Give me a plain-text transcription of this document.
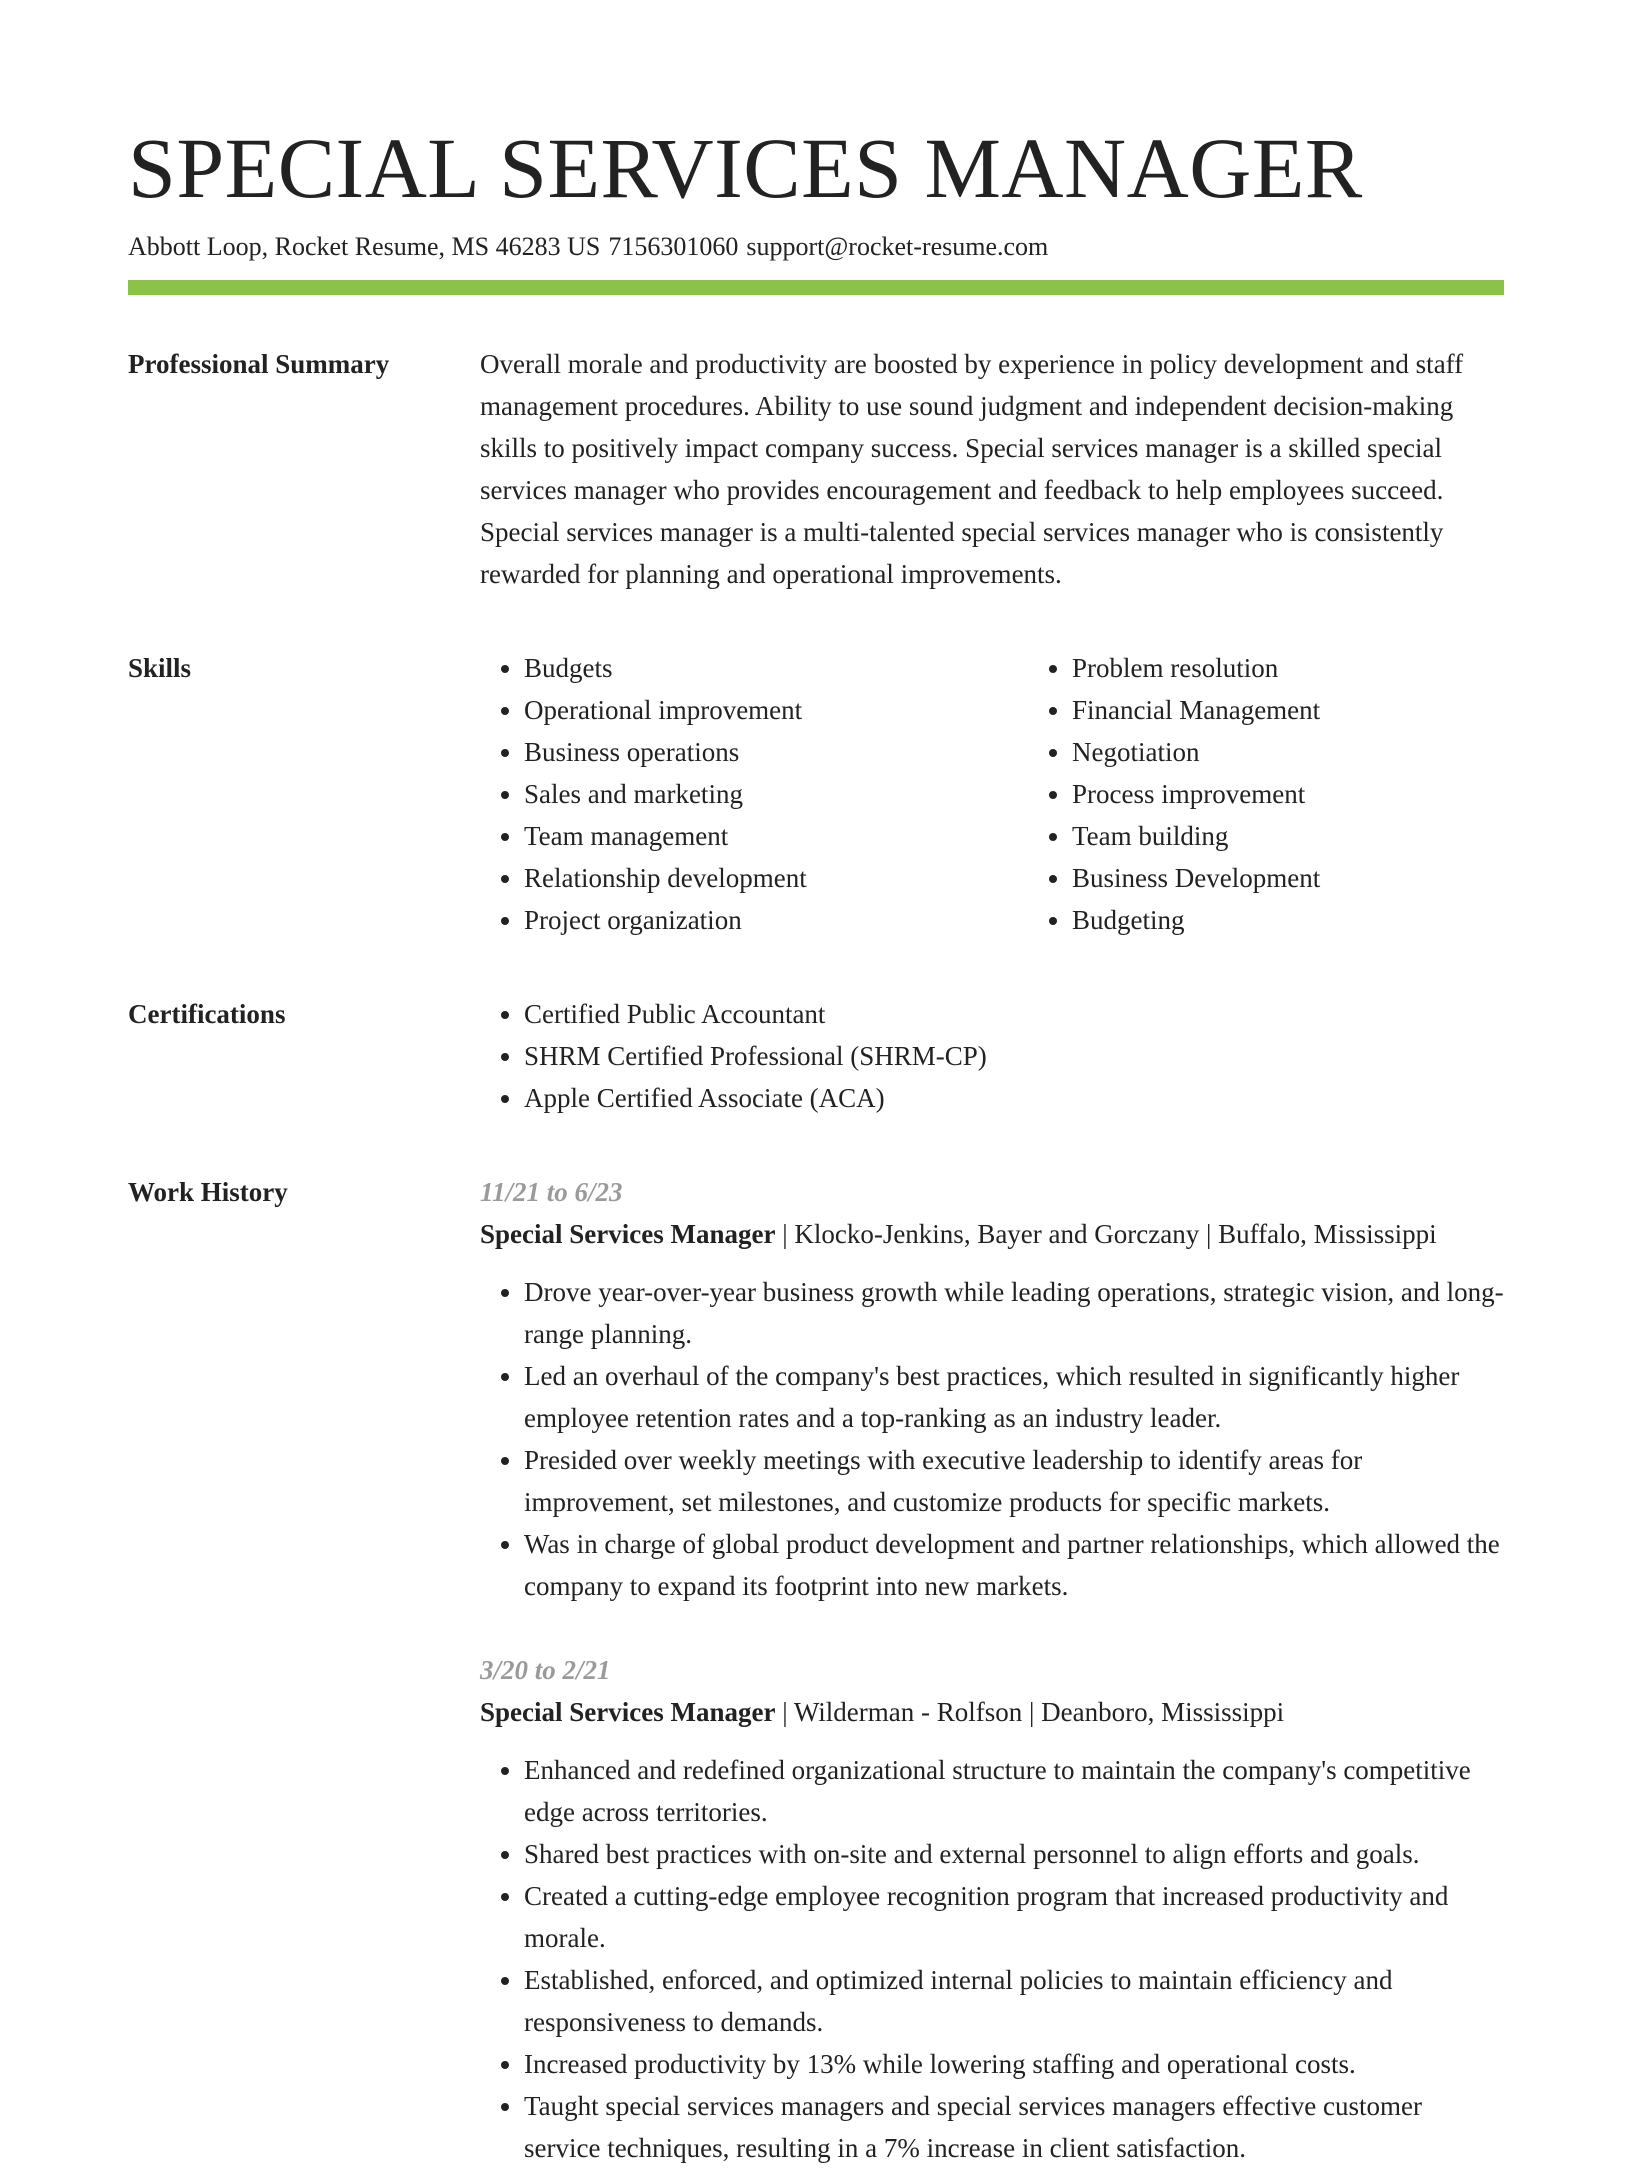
SPECIAL SERVICES MANAGER
Abbott Loop, Rocket Resume, MS 46283 US 7156301060 support@rocket-resume.com
Professional Summary	Overall morale and productivity are boosted by experience in policy development and staff management procedures. Ability to use sound judgment and independent decision-making skills to positively impact company success. Special services manager is a skilled special services manager who provides encouragement and feedback to help employees succeed. Special services manager is a multi-talented special services manager who is consistently rewarded for planning and operational improvements.

Skills	• Budgets
• Operational improvement
• Business operations
• Sales and marketing
• Team management
• Relationship development
• Project organization
• Problem resolution
• Financial Management
• Negotiation
• Process improvement
• Team building
• Business Development
• Budgeting
Certifications	• Certified Public Accountant
• SHRM Certified Professional (SHRM-CP)
• Apple Certified Associate (ACA)
Work History	11/21 to 6/23
Special Services Manager | Klocko-Jenkins, Bayer and Gorczany | Buffalo, Mississippi
• Drove year-over-year business growth while leading operations, strategic vision, and long-range planning.
• Led an overhaul of the company's best practices, which resulted in significantly higher employee retention rates and a top-ranking as an industry leader.
• Presided over weekly meetings with executive leadership to identify areas for improvement, set milestones, and customize products for specific markets.
• Was in charge of global product development and partner relationships, which allowed the company to expand its footprint into new markets.
3/20 to 2/21
Special Services Manager | Wilderman - Rolfson | Deanboro, Mississippi
• Enhanced and redefined organizational structure to maintain the company's competitive edge across territories.
• Shared best practices with on-site and external personnel to align efforts and goals.
• Created a cutting-edge employee recognition program that increased productivity and morale.
• Established, enforced, and optimized internal policies to maintain efficiency and responsiveness to demands.
• Increased productivity by 13% while lowering staffing and operational costs.
• Taught special services managers and special services managers effective customer service techniques, resulting in a 7% increase in client satisfaction.
